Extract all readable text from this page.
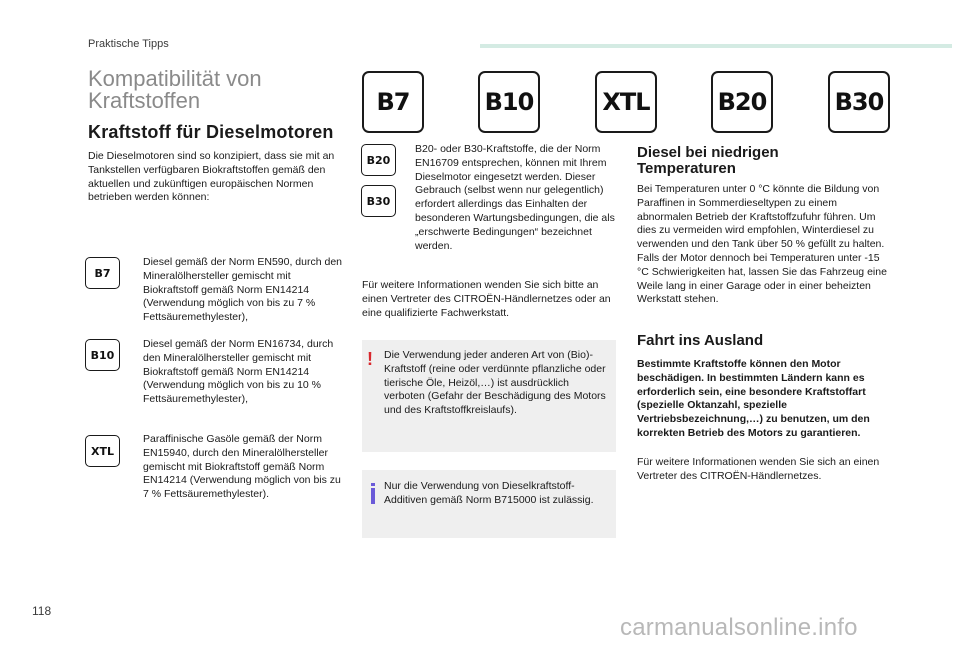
Praktische Tipps
Kompatibilität von Kraftstoffen
Kraftstoff für Dieselmotoren
Die Dieselmotoren sind so konzipiert, dass sie mit an Tankstellen verfügbaren Biokraftstoffen gemäß den aktuellen und zukünftigen europäischen Normen betrieben werden können:
B7	B10	XTL	B20	B30
B7
Diesel gemäß der Norm EN590, durch den Mineralölhersteller gemischt mit Biokraftstoff gemäß Norm EN14214 (Verwendung möglich von bis zu 7 % Fettsäuremethylester),
B10
Diesel gemäß der Norm EN16734, durch den Mineralölhersteller gemischt mit Biokraftstoff gemäß Norm EN14214 (Verwendung möglich von bis zu 10 % Fettsäuremethylester),
XTL
Paraffinische Gasöle gemäß der Norm EN15940, durch den Mineralölhersteller gemischt mit Biokraftstoff gemäß Norm EN14214 (Verwendung möglich von bis zu 7 % Fettsäuremethylester).
B20
B30
B20- oder B30-Kraftstoffe, die der Norm EN16709 entsprechen, können mit Ihrem Dieselmotor eingesetzt werden. Dieser Gebrauch (selbst wenn nur gelegentlich) erfordert allerdings das Einhalten der besonderen Wartungsbedingungen, die als „erschwerte Bedingungen“ bezeichnet werden.
Für weitere Informationen wenden Sie sich bitte an einen Vertreter des CITROËN-Händlernetzes oder an eine qualifizierte Fachwerkstatt.
! Die Verwendung jeder anderen Art von (Bio)-Kraftstoff (reine oder verdünnte pflanzliche oder tierische Öle, Heizöl,…) ist ausdrücklich verboten (Gefahr der Beschädigung des Motors und des Kraftstoffkreislaufs).
Nur die Verwendung von Dieselkraftstoff-Additiven gemäß Norm B715000 ist zulässig.
Diesel bei niedrigen Temperaturen
Bei Temperaturen unter 0 °C könnte die Bildung von Paraffinen in Sommerdieseltypen zu einem abnormalen Betrieb der Kraftstoffzufuhr führen. Um dies zu vermeiden wird empfohlen, Winterdiesel zu verwenden und den Tank über 50 % gefüllt zu halten. Falls der Motor dennoch bei Temperaturen unter -15 °C Schwierigkeiten hat, lassen Sie das Fahrzeug eine Weile lang in einer Garage oder in einer beheizten Werkstatt stehen.
Fahrt ins Ausland
Bestimmte Kraftstoffe können den Motor beschädigen. In bestimmten Ländern kann es erforderlich sein, eine besondere Kraftstoffart (spezielle Oktanzahl, spezielle Vertriebsbezeichnung,…) zu benutzen, um den korrekten Betrieb des Motors zu garantieren.
Für weitere Informationen wenden Sie sich an einen Vertreter des CITROËN-Händlernetzes.
118
carmanualsonline.info
